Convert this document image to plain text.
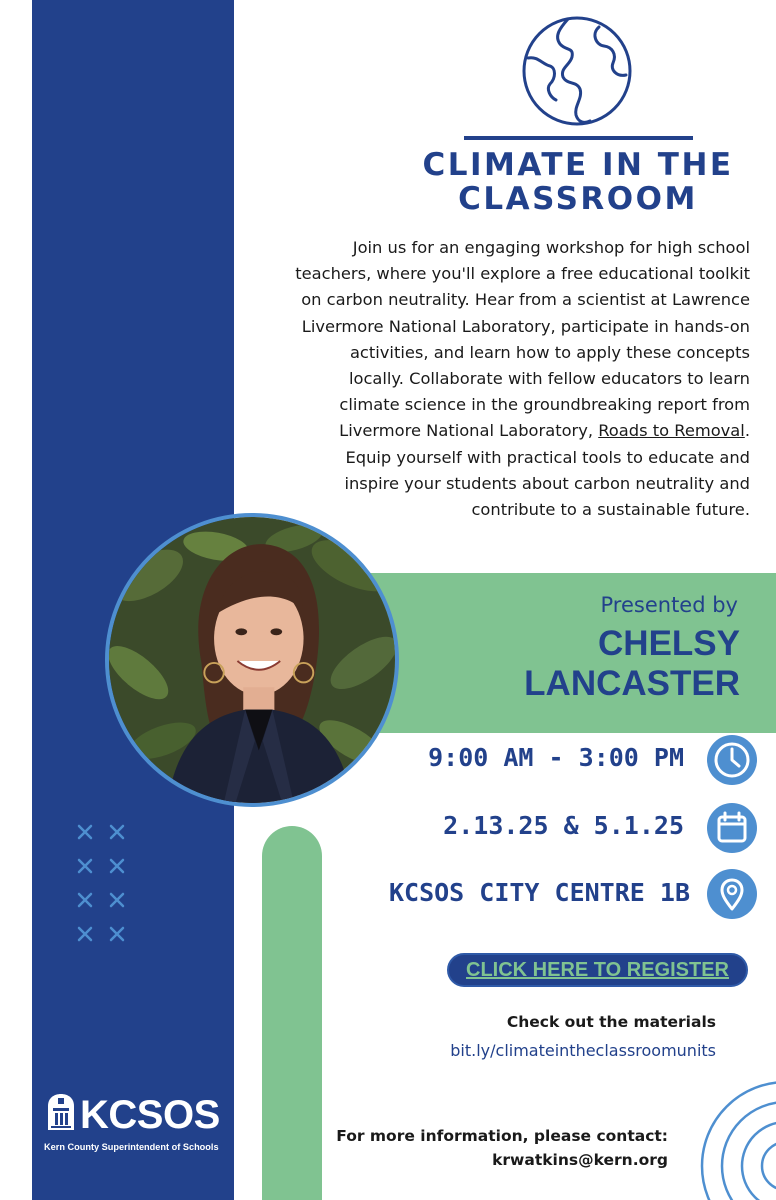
CLIMATE IN THE CLASSROOM

Join us for an engaging workshop for high school teachers, where you'll explore a free educational toolkit on carbon neutrality. Hear from a scientist at Lawrence Livermore National Laboratory, participate in hands-on activities, and learn how to apply these concepts locally. Collaborate with fellow educators to learn climate science in the groundbreaking report from Livermore National Laboratory, Roads to Removal. Equip yourself with practical tools to educate and inspire your students about carbon neutrality and contribute to a sustainable future.

Presented by
CHELSY
LANCASTER
9:00 AM - 3:00 PM
2.13.25 & 5.1.25
KCSOS CITY CENTRE 1B
CLICK HERE TO REGISTER
Check out the materials
bit.ly/climateintheclassroomunits
For more information, please contact:
krwatkins@kern.org
KCSOS
Kern County Superintendent of Schools
